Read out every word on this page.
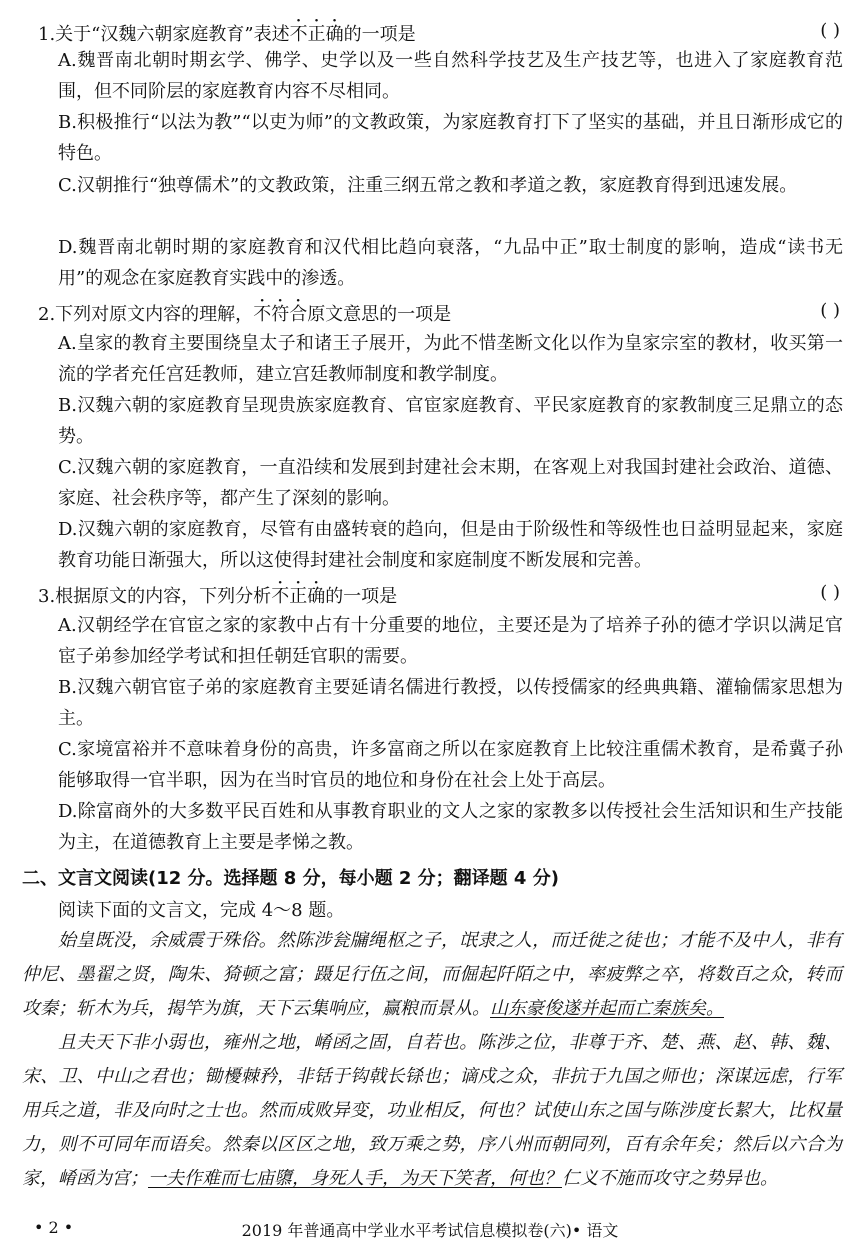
1.关于“汉魏六朝家庭教育”表述不正确的一项是	( )
A.魏晋南北朝时期玄学、佛学、史学以及一些自然科学技艺及生产技艺等，也进入了家庭教育范围，但不同阶层的家庭教育内容不尽相同。
B.积极推行“以法为教”“以吏为师”的文教政策，为家庭教育打下了坚实的基础，并且日渐形成它的特色。
C.汉朝推行“独尊儒术”的文教政策，注重三纲五常之教和孝道之教，家庭教育得到迅速发展。
D.魏晋南北朝时期的家庭教育和汉代相比趋向衰落，“九品中正”取士制度的影响，造成“读书无用”的观念在家庭教育实践中的渗透。
2.下列对原文内容的理解，不符合原文意思的一项是	( )
A.皇家的教育主要围绕皇太子和诸王子展开，为此不惜垄断文化以作为皇家宗室的教材，收买第一流的学者充任宫廷教师，建立宫廷教师制度和教学制度。
B.汉魏六朝的家庭教育呈现贵族家庭教育、官宦家庭教育、平民家庭教育的家教制度三足鼎立的态势。
C.汉魏六朝的家庭教育，一直沿续和发展到封建社会末期，在客观上对我国封建社会政治、道德、家庭、社会秩序等，都产生了深刻的影响。
D.汉魏六朝的家庭教育，尽管有由盛转衰的趋向，但是由于阶级性和等级性也日益明显起来，家庭教育功能日渐强大，所以这使得封建社会制度和家庭制度不断发展和完善。
3.根据原文的内容，下列分析不正确的一项是	( )
A.汉朝经学在官宦之家的家教中占有十分重要的地位，主要还是为了培养子孙的德才学识以满足官宦子弟参加经学考试和担任朝廷官职的需要。
B.汉魏六朝官宦子弟的家庭教育主要延请名儒进行教授，以传授儒家的经典典籍、灌输儒家思想为主。
C.家境富裕并不意味着身份的高贵，许多富商之所以在家庭教育上比较注重儒术教育，是希冀子孙能够取得一官半职，因为在当时官员的地位和身份在社会上处于高层。
D.除富商外的大多数平民百姓和从事教育职业的文人之家的家教多以传授社会生活知识和生产技能为主，在道德教育上主要是孝悌之教。
二、文言文阅读(12 分。选择题 8 分，每小题 2 分；翻译题 4 分)
阅读下面的文言文，完成 4～8 题。

始皇既没，余威震于殊俗。然陈涉瓮牖绳枢之子，氓隶之人，而迁徙之徒也；才能不及中人，非有仲尼、墨翟之贤，陶朱、猗顿之富；蹑足行伍之间，而倔起阡陌之中，率疲弊之卒，将数百之众，转而攻秦；斩木为兵，揭竿为旗，天下云集响应，赢粮而景从。山东豪俊遂并起而亡秦族矣。

且夫天下非小弱也，雍州之地，崤函之固，自若也。陈涉之位，非尊于齐、楚、燕、赵、韩、魏、宋、卫、中山之君也；锄櫌棘矜，非铦于钩戟长铩也；谪戍之众，非抗于九国之师也；深谋远虑，行军用兵之道，非及向时之士也。然而成败异变，功业相反，何也？试使山东之国与陈涉度长絜大，比权量力，则不可同年而语矣。然秦以区区之地，致万乘之势，序八州而朝同列，百有余年矣；然后以六合为家，崤函为宫；一夫作难而七庙隳，身死人手，为天下笑者，何也？仁义不施而攻守之势异也。

• 2 •	2019 年普通高中学业水平考试信息模拟卷(六)• 语文
